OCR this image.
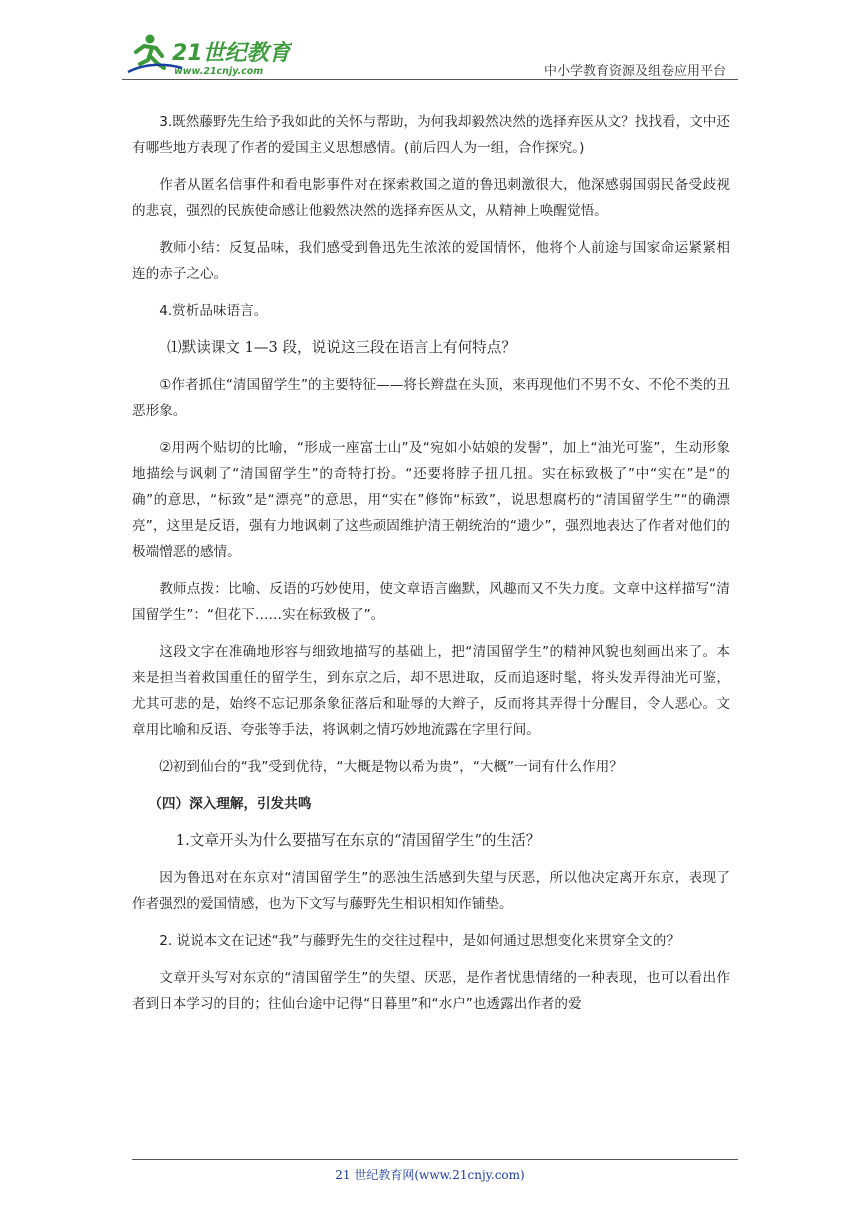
21世纪教育
www.21cnjy.com	中小学教育资源及组卷应用平台

3.既然藤野先生给予我如此的关怀与帮助，为何我却毅然决然的选择弃医从文？找找看，文中还有哪些地方表现了作者的爱国主义思想感情。(前后四人为一组，合作探究。)

作者从匿名信事件和看电影事件对在探索救国之道的鲁迅刺激很大，他深感弱国弱民备受歧视的悲哀，强烈的民族使命感让他毅然决然的选择弃医从文，从精神上唤醒觉悟。

教师小结：反复品味，我们感受到鲁迅先生浓浓的爱国情怀，他将个人前途与国家命运紧紧相连的赤子之心。

4.赏析品味语言。

⑴默读课文 1—3 段，说说这三段在语言上有何特点？

①作者抓住“清国留学生”的主要特征——将长辫盘在头顶，来再现他们不男不女、不伦不类的丑恶形象。

②用两个贴切的比喻，“形成一座富士山”及“宛如小姑娘的发髻”，加上“油光可鉴”，生动形象地描绘与讽刺了“清国留学生”的奇特打扮。“还要将脖子扭几扭。实在标致极了”中“实在”是“的确”的意思，“标致”是“漂亮”的意思，用“实在”修饰“标致”，说思想腐朽的“清国留学生”“的确漂亮”，这里是反语，强有力地讽刺了这些顽固维护清王朝统治的“遗少”，强烈地表达了作者对他们的极端憎恶的感情。

教师点拨：比喻、反语的巧妙使用，使文章语言幽默，风趣而又不失力度。文章中这样描写“清国留学生”：“但花下……实在标致极了”。

这段文字在准确地形容与细致地描写的基础上，把“清国留学生”的精神风貌也刻画出来了。本来是担当着救国重任的留学生，到东京之后，却不思进取，反而追逐时髦，将头发弄得油光可鉴，尤其可悲的是，始终不忘记那条象征落后和耻辱的大辫子，反而将其弄得十分醒目，令人恶心。文章用比喻和反语、夸张等手法，将讽刺之情巧妙地流露在字里行间。

⑵初到仙台的“我”受到优待，“大概是物以希为贵”，“大概”一词有什么作用？

（四）深入理解，引发共鸣

1.文章开头为什么要描写在东京的“清国留学生”的生活？

因为鲁迅对在东京对“清国留学生”的恶浊生活感到失望与厌恶，所以他决定离开东京，表现了作者强烈的爱国情感，也为下文写与藤野先生相识相知作铺垫。

2. 说说本文在记述“我”与藤野先生的交往过程中，是如何通过思想变化来贯穿全文的？

文章开头写对东京的“清国留学生”的失望、厌恶，是作者忧患情绪的一种表现，也可以看出作者到日本学习的目的；往仙台途中记得“日暮里”和“水户”也透露出作者的爱

21 世纪教育网(www.21cnjy.com)
